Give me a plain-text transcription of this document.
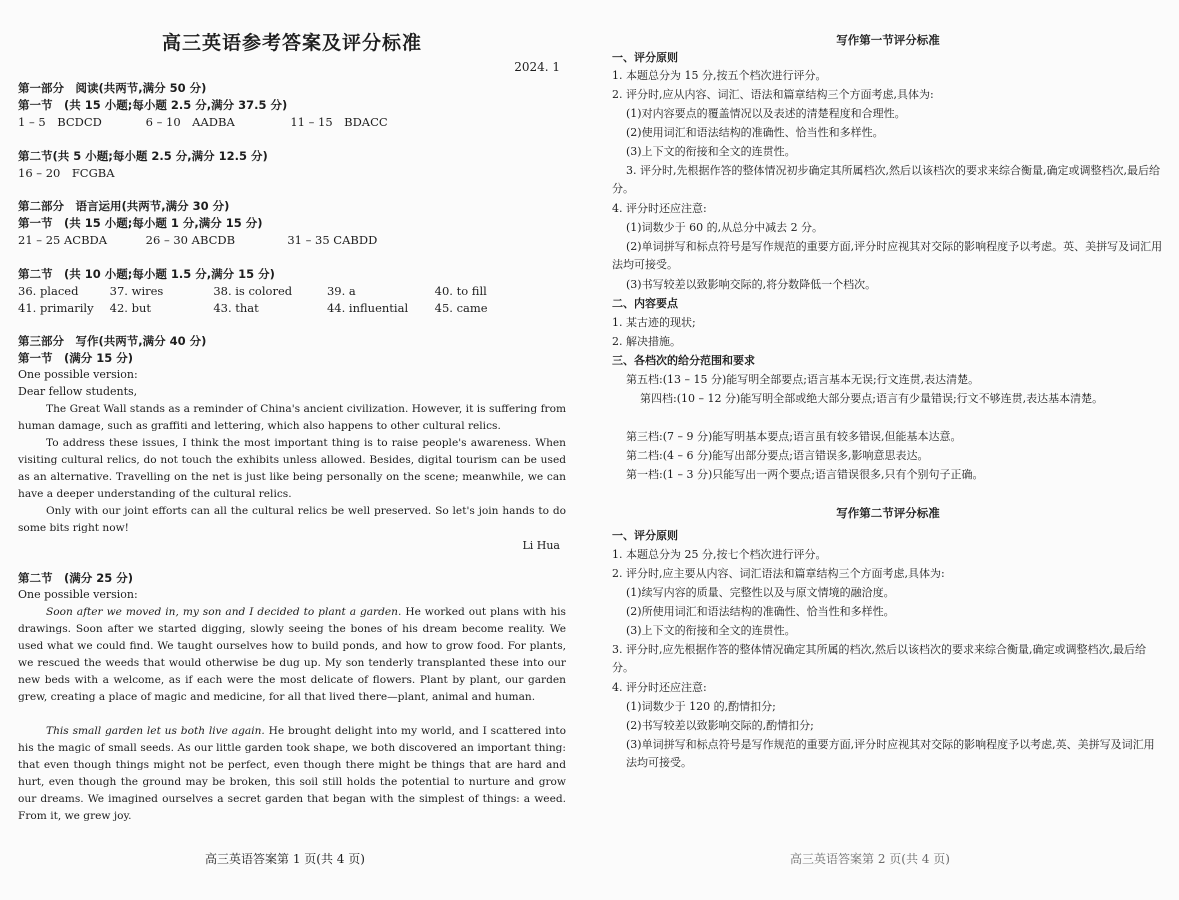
高三英语参考答案及评分标准
2024. 1
第一部分　阅读(共两节,满分 50 分)
第一节　(共 15 小题;每小题 2.5 分,满分 37.5 分)
1 – 5　BCDCD	6 – 10　AADBA	11 – 15　BDACC
第二节(共 5 小题;每小题 2.5 分,满分 12.5 分)
16 – 20　FCGBA
第二部分　语言运用(共两节,满分 30 分)
第一节　(共 15 小题;每小题 1 分,满分 15 分)
21 – 25 ACBDA	26 – 30 ABCDB	31 – 35 CABDD
第二节　(共 10 小题;每小题 1.5 分,满分 15 分)
36. placed	37. wires	38. is colored	39. a	40. to fill
41. primarily 42. but	43. that	44. influential 45. came
第三部分　写作(共两节,满分 40 分)
第一节　(满分 15 分)
One possible version:
Dear fellow students,

The Great Wall stands as a reminder of China's ancient civilization. However, it is suffering from human damage, such as graffiti and lettering, which also happens to other cultural relics.

To address these issues, I think the most important thing is to raise people's awareness. When visiting cultural relics, do not touch the exhibits unless allowed. Besides, digital tourism can be used as an alternative. Travelling on the net is just like being personally on the scene; meanwhile, we can have a deeper understanding of the cultural relics.

Only with our joint efforts can all the cultural relics be well preserved. So let's join hands to do some bits right now!

Li Hua
第二节　(满分 25 分)
One possible version:

Soon after we moved in, my son and I decided to plant a garden. He worked out plans with his drawings. Soon after we started digging, slowly seeing the bones of his dream become reality. We used what we could find. We taught ourselves how to build ponds, and how to grow food. For plants, we rescued the weeds that would otherwise be dug up. My son tenderly transplanted these into our new beds with a welcome, as if each were the most delicate of flowers. Plant by plant, our garden grew, creating a place of magic and medicine, for all that lived there—plant, animal and human.

This small garden let us both live again. He brought delight into my world, and I scattered into his the magic of small seeds. As our little garden took shape, we both discovered an important thing: that even though things might not be perfect, even though there might be things that are hard and hurt, even though the ground may be broken, this soil still holds the potential to nurture and grow our dreams. We imagined ourselves a secret garden that began with the simplest of things: a weed. From it, we grew joy.

高三英语答案第 1 页(共 4 页)
写作第一节评分标准
一、评分原则
1. 本题总分为 15 分,按五个档次进行评分。
2. 评分时,应从内容、词汇、语法和篇章结构三个方面考虑,具体为:
(1)对内容要点的覆盖情况以及表述的清楚程度和合理性。
(2)使用词汇和语法结构的准确性、恰当性和多样性。
(3)上下文的衔接和全文的连贯性。
3. 评分时,先根据作答的整体情况初步确定其所属档次,然后以该档次的要求来综合衡量,确定或调整档次,最后给分。
4. 评分时还应注意:
(1)词数少于 60 的,从总分中减去 2 分。
(2)单词拼写和标点符号是写作规范的重要方面,评分时应视其对交际的影响程度予以考虑。英、美拼写及词汇用法均可接受。
(3)书写较差以致影响交际的,将分数降低一个档次。
二、内容要点
1. 某古迹的现状;
2. 解决措施。
三、各档次的给分范围和要求
第五档:(13 – 15 分)能写明全部要点;语言基本无误;行文连贯,表达清楚。
第四档:(10 – 12 分)能写明全部或绝大部分要点;语言有少量错误;行文不够连贯,表达基本清楚。
第三档:(7 – 9 分)能写明基本要点;语言虽有较多错误,但能基本达意。
第二档:(4 – 6 分)能写出部分要点;语言错误多,影响意思表达。
第一档:(1 – 3 分)只能写出一两个要点;语言错误很多,只有个别句子正确。
写作第二节评分标准
一、评分原则
1. 本题总分为 25 分,按七个档次进行评分。
2. 评分时,应主要从内容、词汇语法和篇章结构三个方面考虑,具体为:
(1)续写内容的质量、完整性以及与原文情境的融洽度。
(2)所使用词汇和语法结构的准确性、恰当性和多样性。
(3)上下文的衔接和全文的连贯性。
3. 评分时,应先根据作答的整体情况确定其所属的档次,然后以该档次的要求来综合衡量,确定或调整档次,最后给分。
4. 评分时还应注意:
(1)词数少于 120 的,酌情扣分;
(2)书写较差以致影响交际的,酌情扣分;
(3)单词拼写和标点符号是写作规范的重要方面,评分时应视其对交际的影响程度予以考虑,英、美拼写及词汇用法均可接受。
高三英语答案第 2 页(共 4 页)
